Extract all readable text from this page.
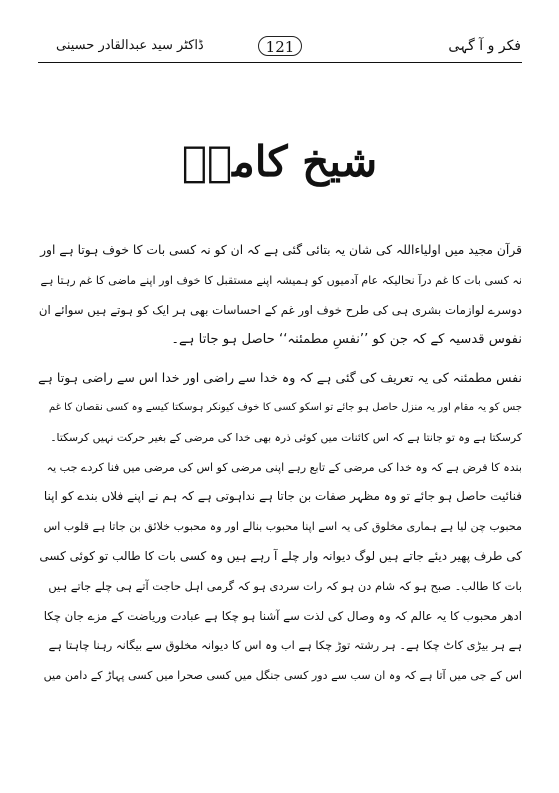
فکر و آ گہی
121
ڈاکٹر سید عبدالقادر حسینی
شیخ کاملؒ
قرآن مجید میں اولیاءاللہ کی شان یہ بتائی گئی ہے کہ ان کو نہ کسی بات کا خوف ہوتا ہے اور
نہ کسی بات کا غم درآ نحالیکہ عام آدمیوں کو ہمیشہ اپنے مستقبل کا خوف اور اپنے ماضی کا غم رہتا ہے
دوسرے لوازمات بشری ہی کی طرح خوف اور غم کے احساسات بھی ہر ایک کو ہوتے ہیں سوائے ان
نفوس قدسیہ کے کہ جن کو ’’نفسِ مطمئنہ‘‘ حاصل ہو جاتا ہے۔
نفس مطمئنہ کی یہ تعریف کی گئی ہے کہ وہ خدا سے راضی اور خدا اس سے راضی ہوتا ہے
جس کو یہ مقام اور یہ منزل حاصل ہو جائے تو اسکو کسی کا خوف کیونکر ہوسکتا کیسے وہ کسی نقصان کا غم
کرسکتا ہے وہ تو جانتا ہے کہ اس کائنات میں کوئی ذرہ بھی خدا کی مرضی کے بغیر حرکت نہیں کرسکتا۔
بندہ کا فرض ہے کہ وہ خدا کی مرضی کے تابع رہے اپنی مرضی کو اس کی مرضی میں فنا کردے جب یہ
فنائیت حاصل ہو جائے تو وہ مظہر صفات بن جاتا ہے نداہوتی ہے کہ ہم نے اپنے فلاں بندے کو اپنا
محبوب چن لیا ہے ہماری مخلوق کی یہ اسے اپنا محبوب بنالے اور وہ محبوب خلائق بن جاتا ہے قلوب اس
کی طرف پھیر دیئے جاتے ہیں لوگ دیوانہ وار چلے آ رہے ہیں وہ کسی بات کا طالب تو کوئی کسی
بات کا طالب۔ صبح ہو کہ شام دن ہو کہ رات سردی ہو کہ گرمی اہل حاجت آتے ہی چلے جاتے ہیں
ادھر محبوب کا یہ عالم کہ وہ وصال کی لذت سے آشنا ہو چکا ہے عبادت وریاضت کے مزے جان چکا
ہے ہر بیڑی کاٹ چکا ہے۔ ہر رشتہ توڑ چکا ہے اب وہ اس کا دیوانہ مخلوق سے بیگانہ رہنا چاہتا ہے
اس کے جی میں آتا ہے کہ وہ ان سب سے دور کسی جنگل میں کسی صحرا میں کسی پہاڑ کے دامن میں
